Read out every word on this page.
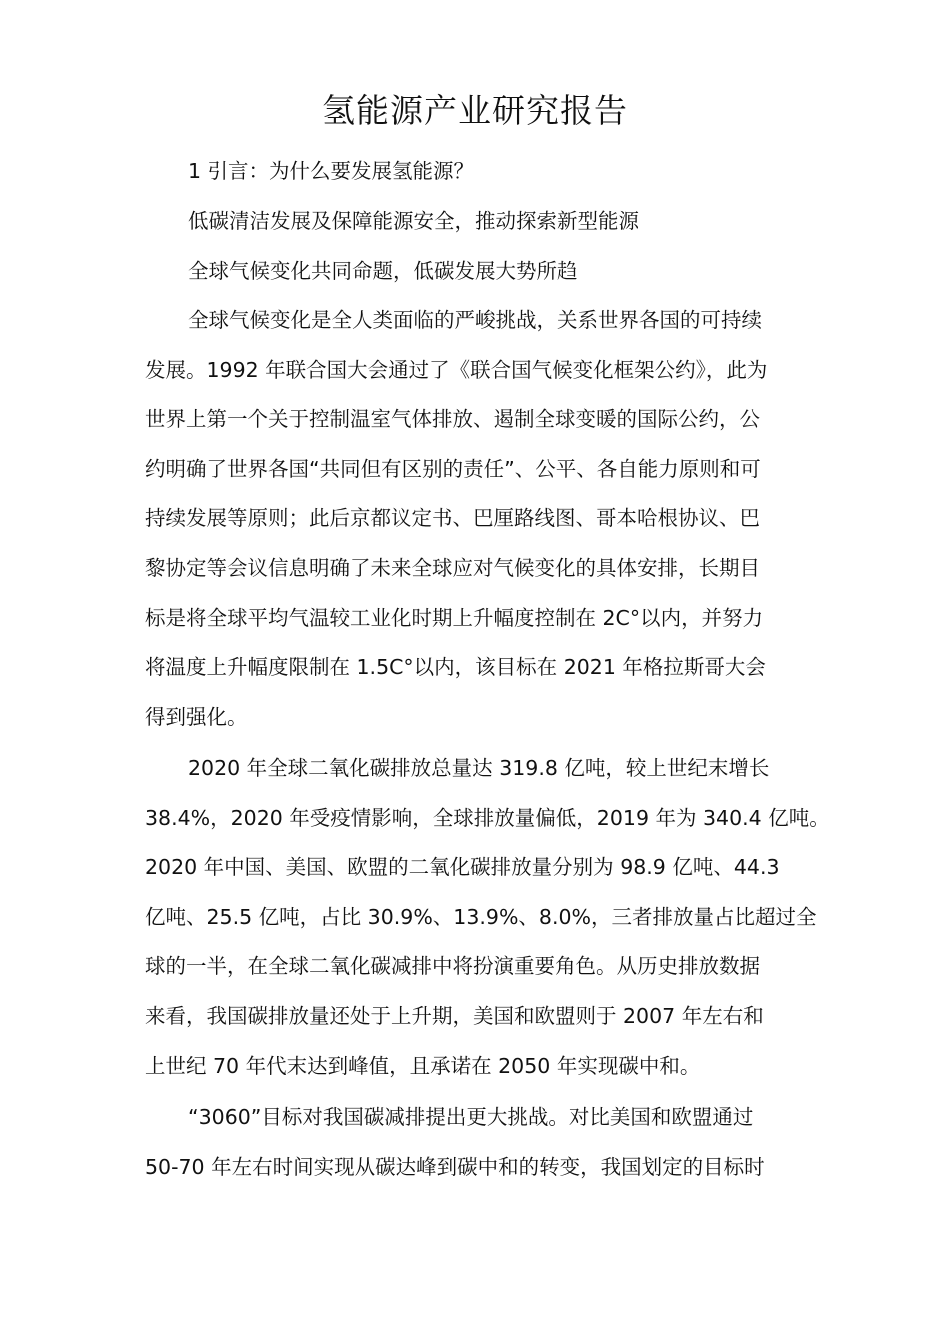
氢能源产业研究报告
1 引言：为什么要发展氢能源？
低碳清洁发展及保障能源安全，推动探索新型能源
全球气候变化共同命题，低碳发展大势所趋
全球气候变化是全人类面临的严峻挑战，关系世界各国的可持续
发展。1992 年联合国大会通过了《联合国气候变化框架公约》，此为
世界上第一个关于控制温室气体排放、遏制全球变暖的国际公约，公
约明确了世界各国“共同但有区别的责任”、公平、各自能力原则和可
持续发展等原则；此后京都议定书、巴厘路线图、哥本哈根协议、巴
黎协定等会议信息明确了未来全球应对气候变化的具体安排，长期目
标是将全球平均气温较工业化时期上升幅度控制在 2C°以内，并努力
将温度上升幅度限制在 1.5C°以内，该目标在 2021 年格拉斯哥大会
得到强化。
2020 年全球二氧化碳排放总量达 319.8 亿吨，较上世纪末增长
38.4%，2020 年受疫情影响，全球排放量偏低，2019 年为 340.4 亿吨。
2020 年中国、美国、欧盟的二氧化碳排放量分别为 98.9 亿吨、44.3
亿吨、25.5 亿吨，占比 30.9%、13.9%、8.0%，三者排放量占比超过全
球的一半，在全球二氧化碳减排中将扮演重要角色。从历史排放数据
来看，我国碳排放量还处于上升期，美国和欧盟则于 2007 年左右和
上世纪 70 年代末达到峰值，且承诺在 2050 年实现碳中和。
“3060”目标对我国碳减排提出更大挑战。对比美国和欧盟通过
50-70 年左右时间实现从碳达峰到碳中和的转变，我国划定的目标时
